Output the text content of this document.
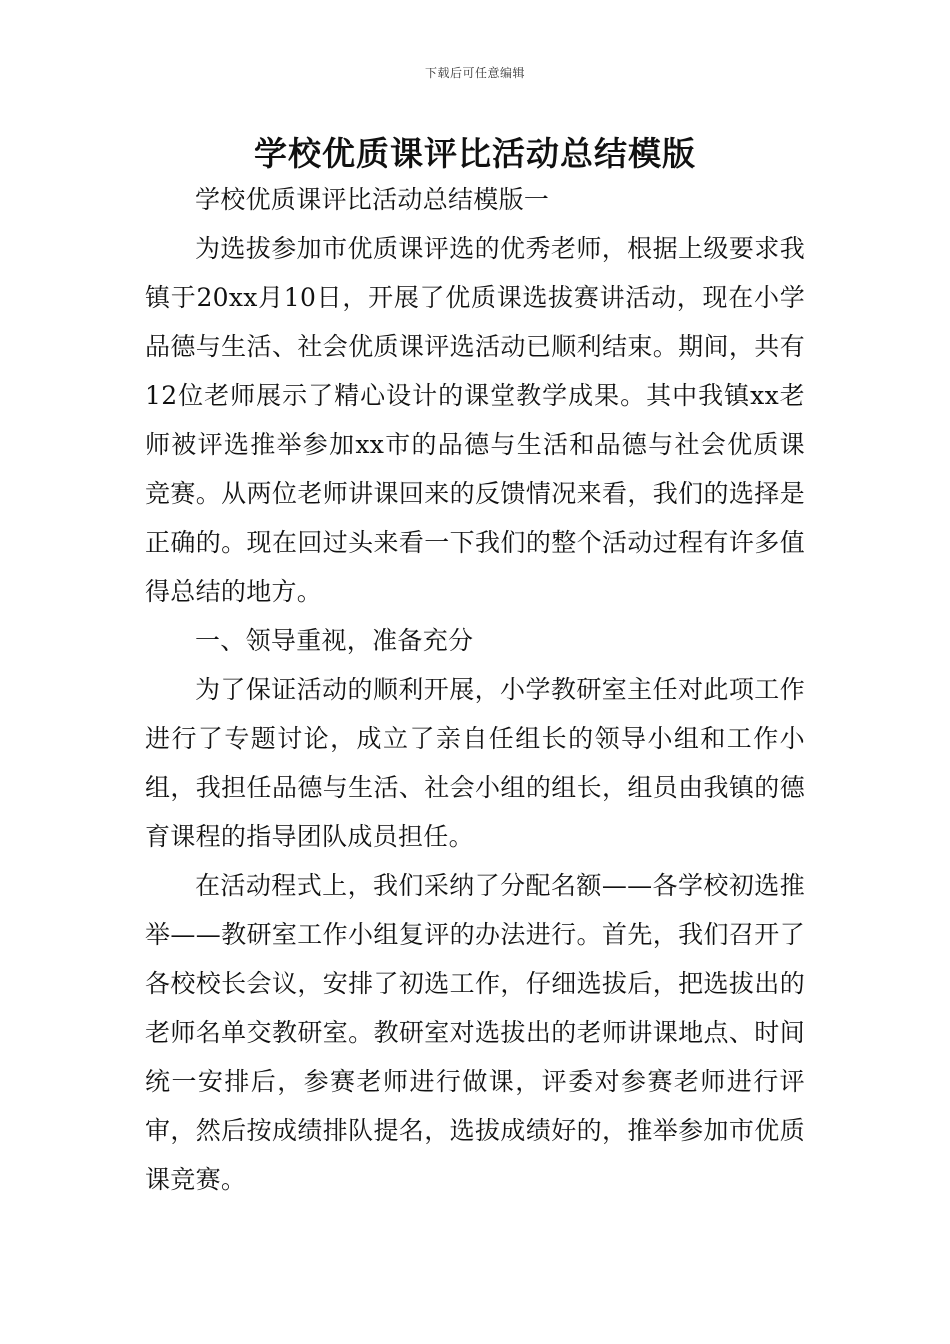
下载后可任意编辑
学校优质课评比活动总结模版

学校优质课评比活动总结模版一

为选拔参加市优质课评选的优秀老师，根据上级要求我镇于20xx月10日，开展了优质课选拔赛讲活动，现在小学品德与生活、社会优质课评选活动已顺利结束。期间，共有12位老师展示了精心设计的课堂教学成果。其中我镇xx老师被评选推举参加xx市的品德与生活和品德与社会优质课竞赛。从两位老师讲课回来的反馈情况来看，我们的选择是正确的。现在回过头来看一下我们的整个活动过程有许多值得总结的地方。

一、领导重视，准备充分

为了保证活动的顺利开展，小学教研室主任对此项工作进行了专题讨论，成立了亲自任组长的领导小组和工作小组，我担任品德与生活、社会小组的组长，组员由我镇的德育课程的指导团队成员担任。

在活动程式上，我们采纳了分配名额——各学校初选推举——教研室工作小组复评的办法进行。首先，我们召开了各校校长会议，安排了初选工作，仔细选拔后，把选拔出的老师名单交教研室。教研室对选拔出的老师讲课地点、时间统一安排后，参赛老师进行做课，评委对参赛老师进行评审，然后按成绩排队提名，选拔成绩好的，推举参加市优质课竞赛。
